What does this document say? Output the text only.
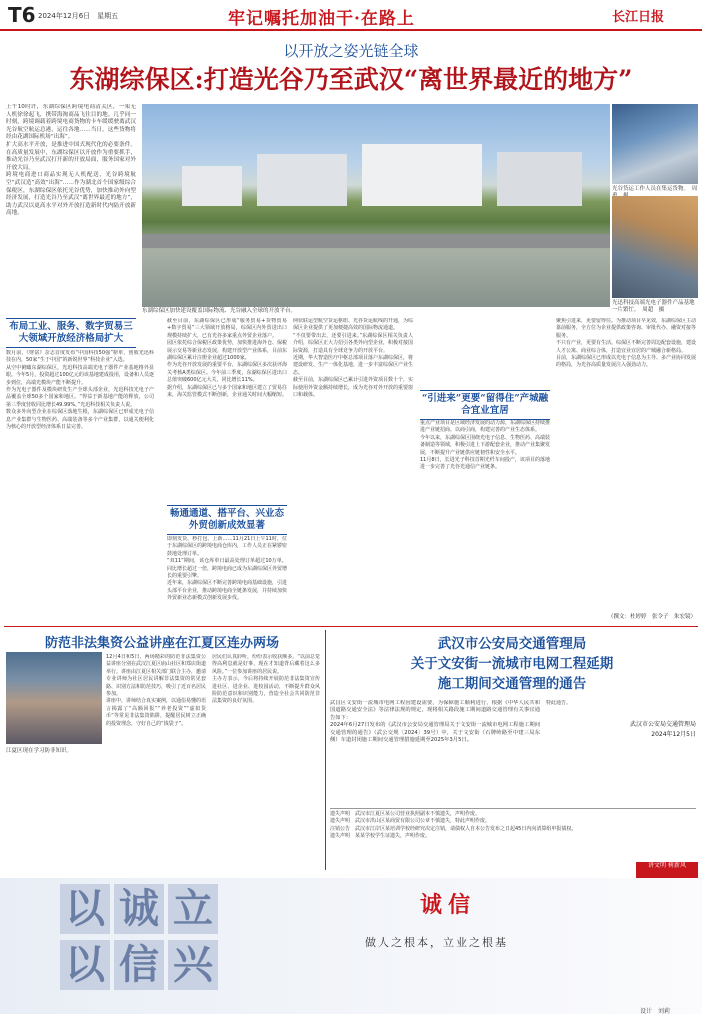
T6 2024年12月6日　星期五	牢记嘱托加油干·在路上	长江日报
以开放之姿光链全球
东湖综保区:打造光谷乃至武汉“离世界最近的地方”
上午10时许，东湖综保区跨境电商清关区，一架无人机徐徐起飞，携带海淘商品飞往目的地。几乎同一时刻，跨境调载着跨境电商货物的卡车缓缓驶离武汉光谷航空航运总港，运往各地……当日，这些货物将经由花湖国际机场“出海”。
扩大高水平开放，是推进中国式现代化的必要条件。在高质量发展中，东湖综保区以开放作为重要抓手，推动光谷乃至武汉打开新的开放局面，服务国家对外开放大局。
跨境电商进口商品实现无人机配送，光谷跨境航空“武汉造”高效“出海”……作为湖北首个国家级综合保税区，东湖综保区依托光谷优势，加快推动外向型经济发展，打造光谷乃至武汉“离世界最近的地方”，助力武汉以更高水平对外开放打造新时代内陆开放新高地。
东湖综保区加快建设覆盖国际物流、光谷融入全球的开放平台。
光谷货运工作人员在集运货物。　周　
光迅科技高端光电子器件产品基地一片繁忙。　周超　摄
布局工业、服务、数字贸易三大领域开放经济格局扩大
畅通通道、搭平台、兴业态外贸创新成效显著
“引进来”更要“留得住”产城融合宜业宜居
数月前，《财富》杂志首度发布“中国科技50强”榜单，创收光迅科技在内，50家“生于中国”的新锐世界“科技企业”入选。
从空中俯瞰东湖综保区，光迅科技高端光电子器件产业基地格外显眼。今年5月，投资超过100亿元的该基地建成投用，设备和人员逐步到位，高端光模块产能不断提升。
作为光电子器件及模块研发生产全球头部企业，光迅科技光电子产品覆盖全球50多个国家和地区。“得益于新基地产能的释放，公司第三季度营收同比增长49.99%，”光迅科技相关负责人说。
数众多外向型企业在综保区落地生根，东湖综保区已形成光电子信息产业集群与生物医药、高端装备等多个产业集群，以通关便利化为核心的开放型经济体系日益完善。
截至目前，东湖综保区已形成“服务贸易+货物贸易+数字贸易”三大领域开放格局，综保区内外贸进出口规模持续扩大，已有光谷多家重点外贸企业落户。
园区依托综合保税区政策优势，加快推进海外仓、保税展示交易等新业态发展，构建开放型产业体系，目前东湖综保区累计注册企业超过1000家。
作为光谷开放发展的重要平台，东湖综保区多次获评海关考核A类综保区。今年前三季度，东湖综保区进出口总值突破600亿元大关，同比增长11%。
据介绍，东湖综保区已与多个国家和地区建立了贸易往来，海关监管模式不断创新，企业通关时间大幅缩短。
即刻发货、秒打包、上新……11月21日上午11时，位于东湖综保区的跨境电商仓库内，工作人员正在紧锣密鼓地处理订单。
“双11”期间，该仓库单日最高处理订单超过10万单，同比增长超过一倍，跨境电商已成为东湖综保区外贸增长的重要引擎。
近年来，东湖综保区不断完善跨境电商基础设施，引进头部平台企业，推动跨境电商全链条发展，并持续加快外贸新业态新模式创新发展步伐。
网状联运型航空货运枢纽、光谷货运航线的开通，为综保区企业提供了更加便捷高效的国际物流通道。
“不仅要带出去，还要引进来。”东湖综保区相关负责人介绍，综保区正大力招引各类外向型企业，积极对接国际资源，打造具有全球竞争力的开放平台。
近期，华大智造医疗中枢总部项目落户东湖综保区，将建设研发、生产一体化基地，进一步丰富综保区产业生态。
截至目前，东湖综保区已累计引进外资项目数十个，实际使用外资金额持续增长，成为光谷对外开放的重要窗口和载体。
重点产业项目是区域经济发展的动力源，东湖综保区持续推进产业链招商、以商引商，构建完善的产业生态体系。
今年以来，东湖综保区围绕光电子信息、生物医药、高端装备制造等领域，积极引进上下游配套企业，推动产业集聚发展，不断提升产业链供应链韧性和安全水平。
11月8日，长进光子科技首期光纤车间投产，该项目的落地进一步完善了光谷光通信产业链条。
聚焦引进来，更要留得住。为推动项目早见效，东湖综保区主动靠前服务，全方位为企业提供政策咨询、审批代办、融资对接等服务。
不只有产业，更要有生活。综保区不断完善周边配套设施，建设人才公寓、商业综合体，打造宜业宜居的产城融合新格局。
目前，东湖综保区已形成以光电子信息为主导、多产业协同发展的格局，为光谷高质量发展注入强劲动力。
（撰文：杜婷婷　张令子　朱宏镜）
防范非法集资公益讲座在江夏区连办两场
江夏区现在学习防非知识。
12月4日和5日，两场精彩的防范非法集资公益讲座分别在武汉江夏区庙山社区和郑店街道举行。讲座由江夏区相关部门联合主办，邀请专业讲师为社区居民讲解非法集资的常见套路、识别方法和防范技巧，吸引了近百名居民参加。
讲座中，讲师结合真实案例，以通俗易懂的语言揭露了“高额回报”“养老投资”“虚拟货币”等常见非法集资陷阱，提醒居民树立正确的投资理念，守好自己的“钱袋子”。
居民们认真聆听，纷纷表示收获颇多。“以前总觉得高利息就是好事，现在才知道背后藏着这么多风险。”一位参加讲座的居民说。
主办方表示，今后将持续开展防范非法集资宣传进社区、进企业、进校园活动，不断提升群众风险防范意识和识别能力，营造全社会共同防范非法集资的良好氛围。
武汉市公安局交通管理局
关于文安街一流城市电网工程延期
施工期间交通管理的通告
武昌区文安街一流城市电网工程因建设需要，为保障施工顺利进行，根据《中华人民共和国道路交通安全法》等法律法规的规定，现将相关路段施工期间道路交通管理有关事宜通告如下：
2024年6月27日发布的《武汉市公安局交通管理局关于文安街一流城市电网工程施工期间交通管理的通告》（武公交规〔2024〕39号）中，关于文安街（石牌岭路至中建三局东侧）车道封闭施工期间交通管理措施延期至2025年3月5日。
特此通告。
武汉市公安局交通管理局
2024年12月5日
遗失声明　武汉市江夏区某公司营业执照副本不慎遗失，声明作废。
遗失声明　武汉市洪山区某商贸有限公司公章不慎遗失，特此声明作废。
注销公告　武汉市江岸区某培训学校经研究决定注销，请债权人自本公告发布之日起45日内向清算组申报债权。
遗失声明　某某学校学生证遗失，声明作废。
讲文明 树新风
以 诚 立
以 信 兴
诚信
做人之根本，立业之根基
设计　刘莉
